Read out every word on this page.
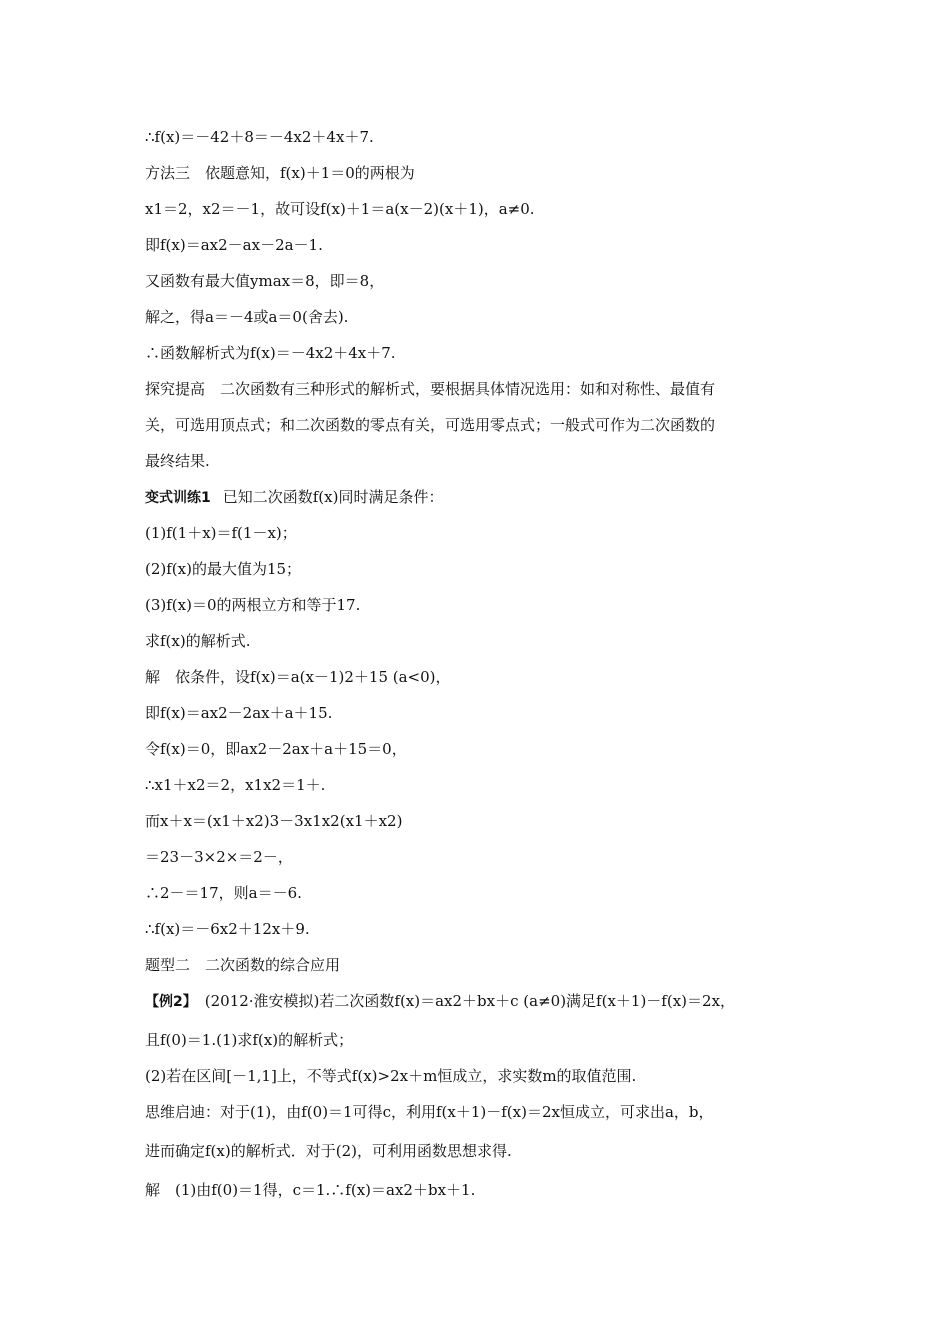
∴f(x)＝－42＋8＝－4x2＋4x＋7.
方法三　依题意知，f(x)＋1＝0的两根为
x1＝2，x2＝－1，故可设f(x)＋1＝a(x－2)(x＋1)，a≠0.
即f(x)＝ax2－ax－2a－1.
又函数有最大值ymax＝8，即＝8，
解之，得a＝－4或a＝0(舍去).
∴函数解析式为f(x)＝－4x2＋4x＋7.
探究提高　二次函数有三种形式的解析式，要根据具体情况选用：如和对称性、最值有
关，可选用顶点式；和二次函数的零点有关，可选用零点式；一般式可作为二次函数的
最终结果.
变式训练1 已知二次函数f(x)同时满足条件：
(1)f(1＋x)＝f(1－x)；
(2)f(x)的最大值为15；
(3)f(x)＝0的两根立方和等于17.
求f(x)的解析式.
解　依条件，设f(x)＝a(x－1)2＋15 (a<0)，
即f(x)＝ax2－2ax＋a＋15.
令f(x)＝0，即ax2－2ax＋a＋15＝0，
∴x1＋x2＝2，x1x2＝1＋.
而x＋x＝(x1＋x2)3－3x1x2(x1＋x2)
＝23－3×2×＝2－，
∴2－＝17，则a＝－6.
∴f(x)＝－6x2＋12x＋9.
题型二　二次函数的综合应用
【例2】 (2012·淮安模拟)若二次函数f(x)＝ax2＋bx＋c (a≠0)满足f(x＋1)－f(x)＝2x，
且f(0)＝1.(1)求f(x)的解析式；
(2)若在区间[－1,1]上，不等式f(x)>2x＋m恒成立，求实数m的取值范围.
思维启迪：对于(1)，由f(0)＝1可得c，利用f(x＋1)－f(x)＝2x恒成立，可求出a，b，
进而确定f(x)的解析式．对于(2)，可利用函数思想求得.
解　(1)由f(0)＝1得，c＝1.∴f(x)＝ax2＋bx＋1.
